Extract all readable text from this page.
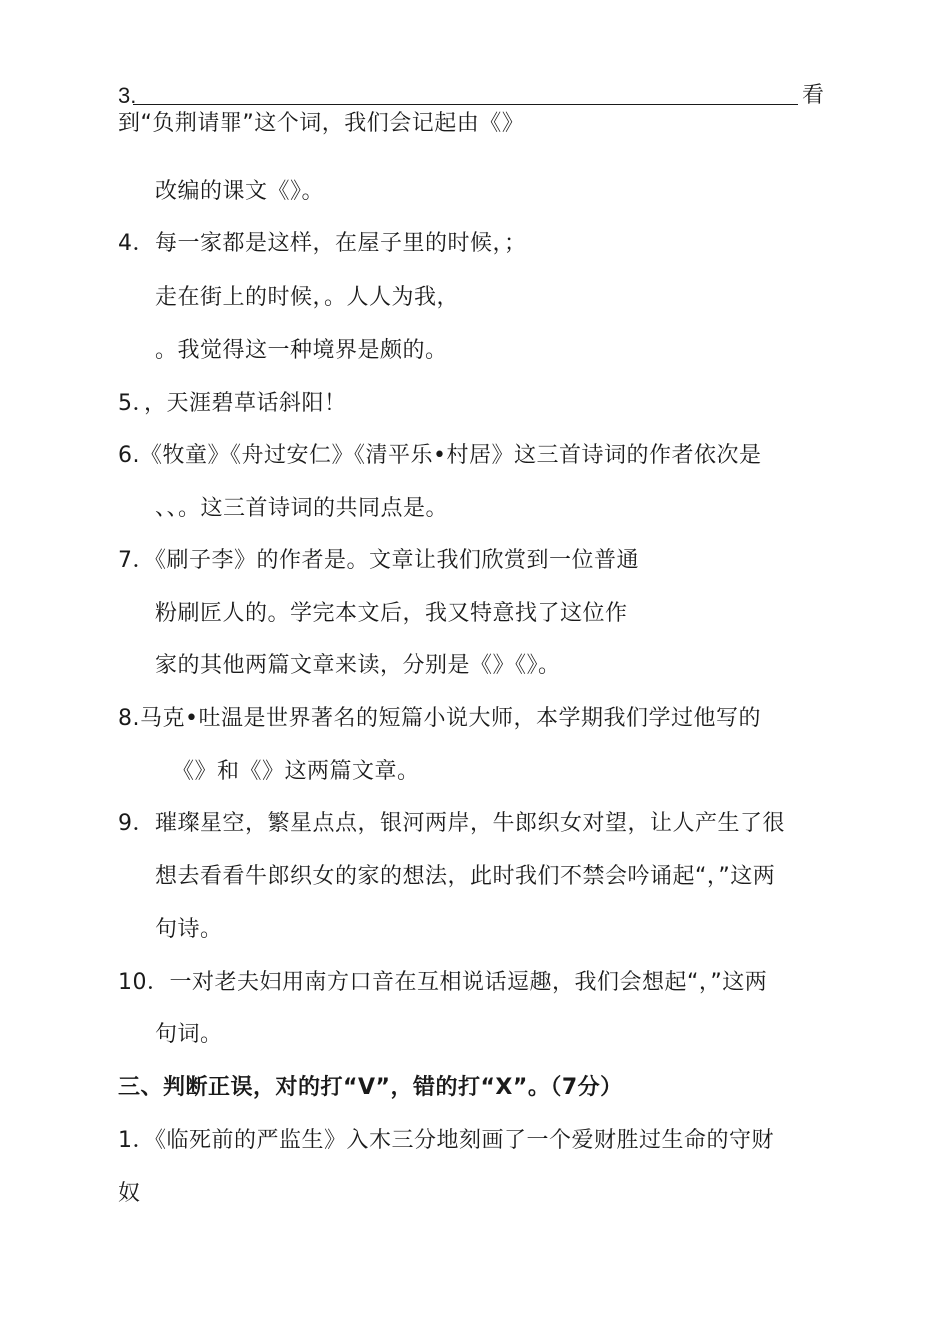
3.	看
到“负荆请罪”这个词，我们会记起由《》
改编的课文《》。
4．每一家都是这样，在屋子里的时候，；
走在街上的时候，。人人为我，
。我觉得这一种境界是颇的。
5．，天涯碧草话斜阳！
6.《牧童》《舟过安仁》《清平乐•村居》这三首诗词的作者依次是
、、。这三首诗词的共同点是。
7．《刷子李》的作者是。文章让我们欣赏到一位普通
粉刷匠人的。学完本文后，我又特意找了这位作
家的其他两篇文章来读，分别是《》《》。
8.马克•吐温是世界著名的短篇小说大师，本学期我们学过他写的
《》和《》这两篇文章。
9．璀璨星空，繁星点点，银河两岸，牛郎织女对望，让人产生了很
想去看看牛郎织女的家的想法，此时我们不禁会吟诵起“，”这两
句诗。
10．一对老夫妇用南方口音在互相说话逗趣，我们会想起“，”这两
句词。
三、判断正误，对的打“V”，错的打“X”。（7分）
1．《临死前的严监生》入木三分地刻画了一个爱财胜过生命的守财
奴
